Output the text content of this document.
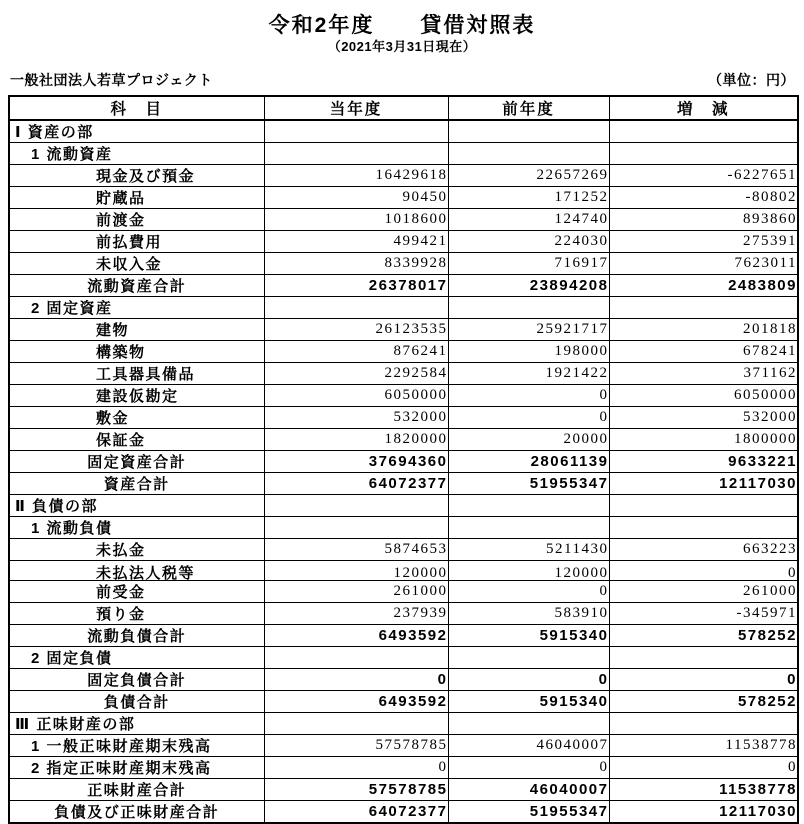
令和2年度　　貸借対照表
（2021年3月31日現在）
一般社団法人若草プロジェクト	（単位：円）
科　目	当年度	前年度	増　減
Ⅰ 資産の部			
1 流動資産			
現金及び預金	16429618	22657269	-6227651
貯蔵品	90450	171252	-80802
前渡金	1018600	124740	893860
前払費用	499421	224030	275391
未収入金	8339928	716917	7623011
流動資産合計	26378017	23894208	2483809
2 固定資産			
建物	26123535	25921717	201818
構築物	876241	198000	678241
工具器具備品	2292584	1921422	371162
建設仮勘定	6050000	0	6050000
敷金	532000	0	532000
保証金	1820000	20000	1800000
固定資産合計	37694360	28061139	9633221
資産合計	64072377	51955347	12117030
Ⅱ 負債の部			
1 流動負債			
未払金	5874653	5211430	663223

未払法人税等	120000	120000	0

前受金	261000	0	261000
預り金	237939	583910	-345971
流動負債合計	6493592	5915340	578252
2 固定負債			
固定負債合計	0	0	0
負債合計	6493592	5915340	578252
Ⅲ 正味財産の部			
1 一般正味財産期末残高	57578785	46040007	11538778
2 指定正味財産期末残高	0	0	0
正味財産合計	57578785	46040007	11538778
負債及び正味財産合計	64072377	51955347	12117030
